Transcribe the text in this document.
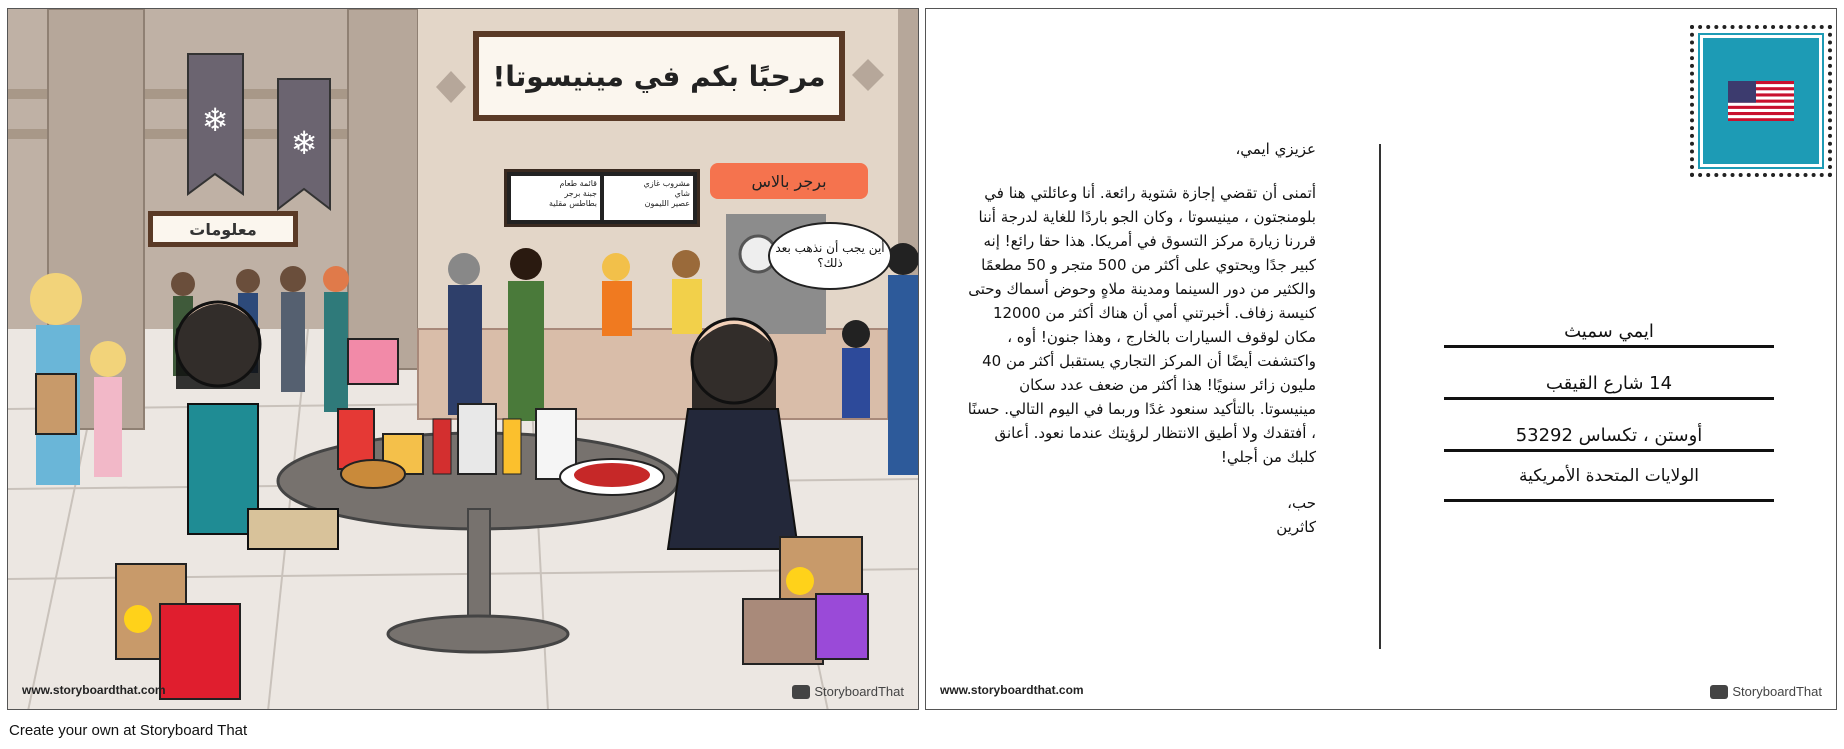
❄
❄
مرحبًا بكم في مينيسوتا!
معلومات
قائمة طعام
جبنة برجر
بطاطس مقلية
مشروب غازي
شاي
عصير الليمون
برجر بالاس
أين يجب أن نذهب بعد ذلك؟
www.storyboardthat.com	StoryboardThat

عزيزي ايمي،

أتمنى أن تقضي إجازة شتوية رائعة. أنا وعائلتي هنا في بلومنجتون ، مينيسوتا ، وكان الجو باردًا للغاية لدرجة أننا قررنا زيارة مركز التسوق في أمريكا. هذا حقا رائع! إنه كبير جدًا ويحتوي على أكثر من 500 متجر و 50 مطعمًا والكثير من دور السينما ومدينة ملاهٍ وحوض أسماك وحتى كنيسة زفاف. أخبرتني أمي أن هناك أكثر من 12000 مكان لوقوف السيارات بالخارج ، وهذا جنون! أوه ، واكتشفت أيضًا أن المركز التجاري يستقبل أكثر من 40 مليون زائر سنويًا! هذا أكثر من ضعف عدد سكان مينيسوتا. بالتأكيد سنعود غدًا وربما في اليوم التالي. حسنًا ، أفتقدك ولا أطيق الانتظار لرؤيتك عندما نعود. أعانق كلبك من أجلي!

حب،

كاثرين

ايمي سميث
14 شارع القيقب
أوستن ، تكساس 53292
الولايات المتحدة الأمريكية
www.storyboardthat.com	StoryboardThat
Create your own at Storyboard That
